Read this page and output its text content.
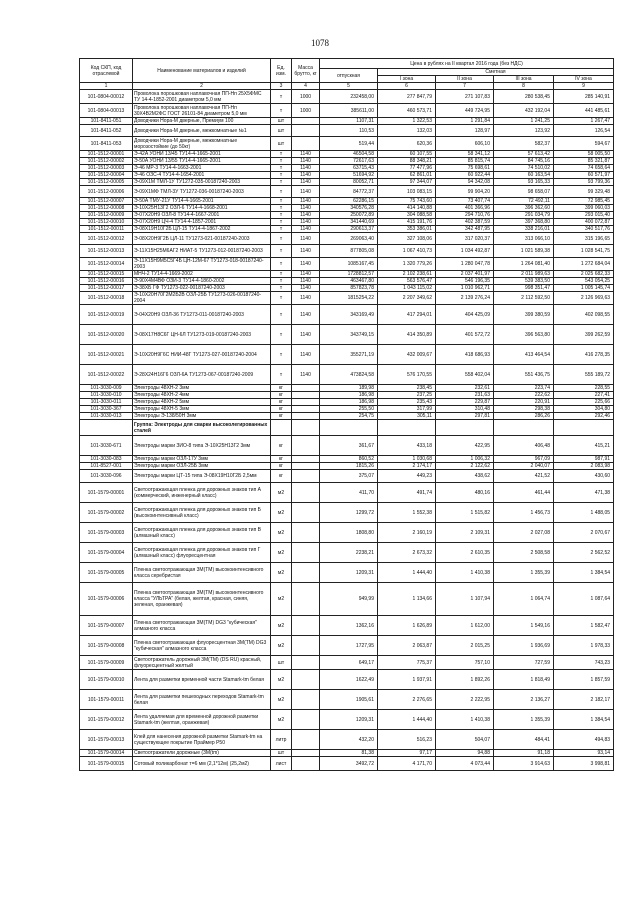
1078
Код СКП, код отраслевой	Наименование материалов и изделий	Ед. изм.	Масса брутто, кг	Цена в рублях на II квартал 2016 года (без НДС)				
				отпускная	Сметная			
					I зона	II зона	III зона	IV зона
1	2	3	4	5	6	7	8	9
101-0804-00012	Проволока порошковая наплавочная ПП-Нп 25Х5ФМС ТУ 14-4-1852-2001 диаметром 5,0 мм	т	1000	232458,00	277 847,79	271 107,83	280 538,45	285 140,91
101-0804-00013	Проволока порошковая наплавочная ПП-Нп 30Х4В2М2ФС ГОСТ 26101-84 диаметром 5,0 мм	т	1000	385611,00	460 573,71	449 724,95	432 192,04	441 485,61
101-8411-051	Доводчики Нора-М дверные, Премиум 100	шт		1107,31	1 322,53	1 291,84	1 241,25	1 267,47
101-8411-052	Доводчики Нора-М дверные, межкомнатные №1	шт		110,53	132,03	128,97	123,92	126,54
101-8411-053	Доводчики Нора-М дверные, межкомнатные морозостойкие (до 50кг)	шт		519,44	620,36	606,10	582,37	594,67
101-1512-00001	Э-42А УОНИ 13/45 ТУ14-4-1665-2001	т	1140	46504,58	60 107,55	58 341,12	57 613,42	58 005,50
101-1512-00002	Э-50А УОНИ 13/55 ТУ14-4-1665-2001	т	1140	72617,63	88 348,21	85 815,74	84 745,16	85 321,87
101-1512-00003	Э-46 МР-3 ТУ14-4-1663-2001	т	1140	63715,43	77 477,96	75 698,61	74 510,02	74 658,64
101-1512-00004	Э-46 ОЗС-4 ТУ14-4-1654-2001	т	1140	51694,92	62 861,01	60 922,44	60 163,54	60 571,97
101-1512-00005	Э-09Х1М ТМЛ-1У ТУ1272-035-00187240-2003	т	1140	80052,71	97 344,07	94 342,08	93 165,33	93 799,36
101-1512-00006	Э-09Х1МФ ТМЛ-3У ТУ1272-036-00187240-2003	т	1140	84772,37	103 083,15	99 904,20	98 658,07	99 329,48
101-1512-00007	Э-50А ТМУ-21У ТУ14-4-1665-2001	т	1140	62286,15	75 743,60	73 407,74	72 492,11	72 985,45
101-1512-00008	Э-10Х25Н13Г2 ОЗЛ-6 ТУ14-4-1668-2001	т	1140	340576,28	414 140,88	401 366,96	396 362,60	399 060,03
101-1512-00009	Э-07Х20Н9 ОЗЛ-8 ТУ14-4-1667-2001	т	1140	250072,89	304 088,58	294 710,76	291 034,79	293 015,40
101-1512-00010	Э-07Х20Н9 ЦЧ-4 ТУ14-4-1857-2001	т	1140	341440,69	415 191,76	402 387,59	397 368,80	400 072,87
101-1512-00011	Э-08Х19Н10Г2Б ЦЛ-15 ТУ14-4-1867-2002	т	1140	290613,37	353 386,01	342 487,95	338 216,01	340 517,76
101-1512-00012	Э-08Х20Н9Г2Б ЦЛ-11 ТУ1273-021-00187240-2003	т	1140	269063,40	327 108,06	317 020,37	313 066,10	315 196,65
101-1512-00013	Э-11Х15Н25М6АГ2 НИАТ-5 ТУ1273-012-00187240-2003	т	1140	877805,08	1 067 410,73	1 034 492,87	1 021 589,38	1 028 541,75
101-1512-00014	Э-11Х15Н9М5С5Г4Б ЦН-12М-67 ТУ1273-018-00187240-2003	т	1140	1085167,45	1 320 779,26	1 280 047,78	1 264 081,40	1 272 684,04
101-1512-00015	МНЧ-2 ТУ14-4-1669-2002	т	1140	1728812,57	2 102 238,61	2 037 401,97	2 011 989,63	2 025 682,33
101-1512-00016	Э-90Х4М4ВФ ОЗИ-3 ТУ14-4-1860-2002	т	1140	463467,80	563 576,47	546 196,35	539 383,50	543 054,25
101-1512-00017	Э-38ХБ ГФ ТУ1273-022-00187240-2003	т	1140	857823,78	1 043 115,02	1 010 962,71	998 351,47	1 005 145,74
101-1512-00018	Э-10Х20Н70Г2М2Б2В ОЗЛ-25Б ТУ1273-026-00187240-2004	т	1140	1815254,22	2 207 349,62	2 139 276,24	2 112 592,50	2 126 969,63
101-1512-00019	Э-04Х20Н9 ОЗЛ-36 ТУ1273-011-00187240-2003	т	1140	343169,49	417 294,01	404 425,09	399 380,59	402 098,55
101-1512-00020	Э-08Х17Н8С6Г ЦН-6Л ТУ1273-019-00187240-2003	т	1140	343749,15	414 350,89	401 572,72	396 563,80	399 262,59
101-1512-00021	Э-10Х20Н9Г6С НИИ-48Г ТУ1273-027-00187240-2004	т	1140	355271,19	432 009,67	418 686,93	413 464,54	416 278,35
101-1512-00022	Э-28Х24Н16Г6 ОЗЛ-6А ТУ1273-067-00187240-2009	т	1140	473824,58	576 170,55	558 402,04	551 436,75	555 189,72
101-3030-009	Электроды 48XH-2 3мм	кг		189,98	238,45	232,61	223,74	228,55
101-3030-010	Электроды 48XH-2 4мм	кг		186,98	237,25	231,63	222,62	227,41
101-3030-011	Электроды 48XH-2 5мм	кг		186,98	235,43	229,87	220,91	225,66
101-3030-367	Электроды 48XH-5 3мм	кг		255,50	317,99	310,48	298,38	304,80
101-3030-013	Электроды Э-138/50Н 3мм	кг		254,75	305,11	297,81	286,26	292,46
	Группа: Электроды для сварки высоколегированных сталей							
101-3030-671	Электроды марки ЗИО-8 типа Э-10Х25Н13Г2 3мм	кг		361,67	433,18	422,95	406,48	415,21
101-3030-083	Электроды марки ОЗЛ-17У 3мм	кг		860,52	1 030,68	1 006,32	967,09	987,91
101-8527-001	Электроды марки ОЗЛ-25Б 3мм	кг		1815,26	2 174,17	2 122,62	2 040,07	2 083,98
101-3030-096	Электроды марки ЦТ-15 типа Э-08Х19Н10Г2Б 2,5мм	кг		375,07	449,23	438,62	421,52	430,60
101-1579-00001	Светоотражающая пленка для дорожных знаков тип А (коммерческий, инженерный класс)	м2		411,70	491,74	480,16	461,44	471,38
101-1579-00002	Светоотражающая пленка для дорожных знаков тип Б (высокоинтенсивный класс)	м2		1299,72	1 552,38	1 515,82	1 456,73	1 488,05
101-1579-00003	Светоотражающая пленка для дорожных знаков тип В (алмазный класс)	м2		1808,80	2 160,19	2 109,31	2 027,08	2 070,67
101-1579-00004	Светоотражающая пленка для дорожных знаков тип Г (алмазный класс) флуоресцентная	м2		2238,21	2 673,32	2 610,35	2 508,58	2 562,52
101-1579-00005	Пленка светоотражающая 3М(ТМ) высокоинтенсивного класса серебристая	м2		1209,31	1 444,40	1 410,38	1 355,39	1 384,54
101-1579-00006	Пленка светоотражающая 3М(ТМ) высокоинтенсивного класса "УЛЬТРА" (белая, желтая, красная, синяя, зеленая, оранжевая)	м2		949,99	1 134,66	1 107,94	1 064,74	1 087,64
101-1579-00007	Пленка светоотражающая 3М(ТМ) DG3 "кубическая" алмазного класса	м2		1362,16	1 626,89	1 612,00	1 549,16	1 582,47
101-1579-00008	Пленка светоотражающая флуоресцентная 3М(ТМ) DG3 "кубическая" алмазного класса	м2		1727,95	2 063,87	2 015,25	1 936,69	1 978,33
101-1579-00009	Светоотражатель дорожный 3М(ТМ) (DS RU) красный, флуоресцентный желтый	шт		649,17	775,37	757,10	727,59	743,23
101-1579-00010	Лента для разметки временной части Stamark-tm белая	м2		1622,49	1 937,91	1 892,26	1 818,49	1 857,59
101-1579-00011	Лента для разметки пешеходных переходов Stamark-tm белая	м2		1905,61	2 276,65	2 222,95	2 136,27	2 182,17
101-1579-00012	Лента удаляемая для временной дорожной разметки Stamark-tm (желтая, оранжевая)	м2		1209,31	1 444,40	1 410,38	1 355,39	1 384,54
101-1579-00013	Клей для нанесения дорожной разметки Stamark-tm на существующее покрытие Праймер Р50	литр		432,20	516,23	504,07	484,41	494,83
101-1579-00014	Светоотражатели дорожные (3М(tm)	шт		81,38	97,17	94,88	91,18	93,14
101-1579-00015	Сотовый поликарбонат т=6 мм (2,1*12м) (25,2м2)	лист		3492,72	4 171,70	4 073,44	3 914,63	3 998,81
